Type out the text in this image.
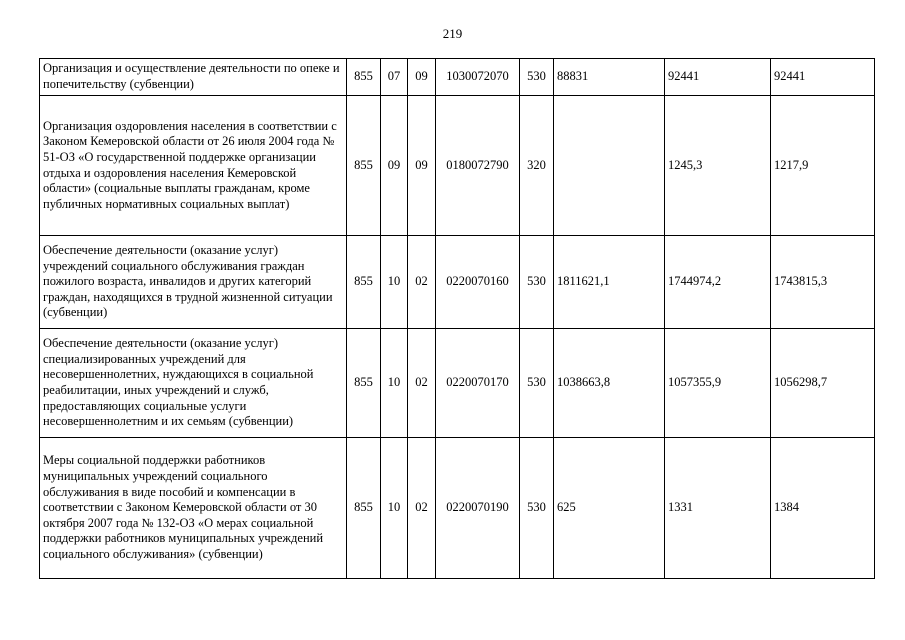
219
Организация и осуществление деятельности по опеке и попечительству (субвенции)	855	07	09	1030072070	530	88831	92441	92441
Организация оздоровления населения в соответствии с Законом Кемеровской области от 26 июля 2004 года № 51-ОЗ «О государственной поддержке организации отдыха и оздоровления населения Кемеровской области» (социальные выплаты гражданам, кроме публичных нормативных социальных выплат)	855	09	09	0180072790	320		1245,3	1217,9
Обеспечение деятельности (оказание услуг) учреждений социального обслуживания граждан пожилого возраста, инвалидов и других категорий граждан, находящихся в трудной жизненной ситуации (субвенции)	855	10	02	0220070160	530	1811621,1	1744974,2	1743815,3
Обеспечение деятельности (оказание услуг) специализированных учреждений для несовершеннолетних, нуждающихся в социальной реабилитации, иных учреждений и служб, предоставляющих социальные услуги несовершеннолетним и их семьям (субвенции)	855	10	02	0220070170	530	1038663,8	1057355,9	1056298,7
Меры социальной поддержки работников муниципальных учреждений социального обслуживания в виде пособий и компенсации в соответствии с Законом Кемеровской области от 30 октября 2007 года № 132-ОЗ «О мерах социальной поддержки работников муниципальных учреждений социального обслуживания» (субвенции)	855	10	02	0220070190	530	625	1331	1384
